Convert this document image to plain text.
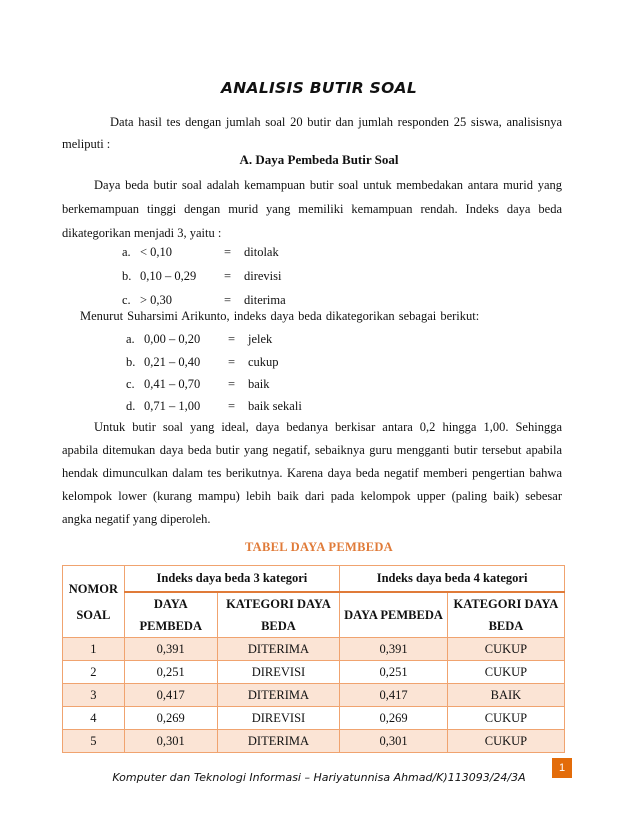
ANALISIS BUTIR SOAL
Data hasil tes dengan jumlah soal 20 butir dan jumlah responden 25 siswa, analisisnya
meliputi :
A. Daya Pembeda Butir Soal
Daya beda butir soal adalah kemampuan butir soal untuk membedakan antara murid yang
berkemampuan tinggi dengan murid yang memiliki kemampuan rendah. Indeks daya beda
dikategorikan menjadi 3, yaitu :
a. < 0,10	= ditolak
b. 0,10 – 0,29 = direvisi
c. > 0,30	= diterima
Menurut Suharsimi Arikunto, indeks daya beda dikategorikan sebagai berikut:
a. 0,00 – 0,20 = jelek
b. 0,21 – 0,40 = cukup
c. 0,41 – 0,70 = baik
d. 0,71 – 1,00 = baik sekali
Untuk butir soal yang ideal, daya bedanya berkisar antara 0,2 hingga 1,00. Sehingga
apabila ditemukan daya beda butir yang negatif, sebaiknya guru mengganti butir tersebut apabila
hendak dimunculkan dalam tes berikutnya. Karena daya beda negatif memberi pengertian bahwa
kelompok lower (kurang mampu) lebih baik dari pada kelompok upper (paling baik) sebesar
angka negatif yang diperoleh.
TABEL DAYA PEMBEDA
NOMOR SOAL	Indeks daya beda 3 kategori		Indeks daya beda 4 kategori	
	DAYA PEMBEDA	KATEGORI DAYA BEDA	DAYA PEMBEDA	KATEGORI DAYA BEDA
1	0,391	DITERIMA	0,391	CUKUP
2	0,251	DIREVISI	0,251	CUKUP
3	0,417	DITERIMA	0,417	BAIK
4	0,269	DIREVISI	0,269	CUKUP
5	0,301	DITERIMA	0,301	CUKUP
1
Komputer dan Teknologi Informasi – Hariyatunnisa Ahmad/K)113093/24/3A
